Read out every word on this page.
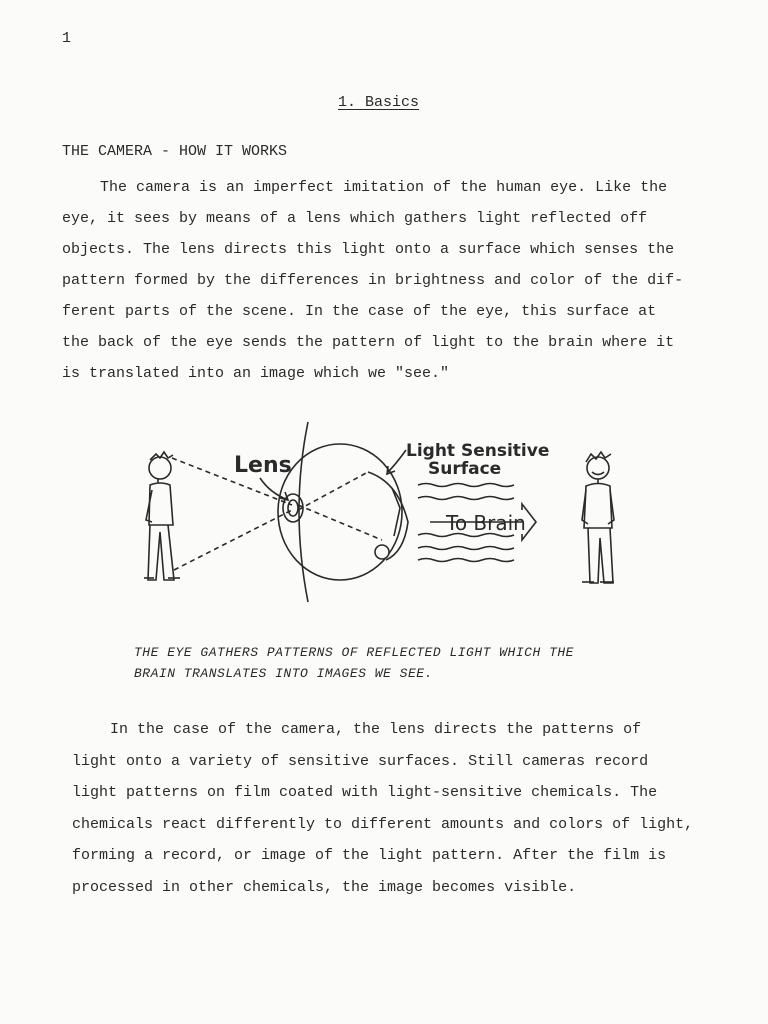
1
1. Basics
THE CAMERA - HOW IT WORKS
The camera is an imperfect imitation of the human eye. Like the
eye, it sees by means of a lens which gathers light reflected off
objects. The lens directs this light onto a surface which senses the
pattern formed by the differences in brightness and color of the dif-
ferent parts of the scene. In the case of the eye, this surface at
the back of the eye sends the pattern of light to the brain where it
is translated into an image which we "see."
Lens
Light Sensitive
Surface
To Brain
THE EYE GATHERS PATTERNS OF REFLECTED LIGHT WHICH THE
BRAIN TRANSLATES INTO IMAGES WE SEE.
In the case of the camera, the lens directs the patterns of
light onto a variety of sensitive surfaces. Still cameras record
light patterns on film coated with light-sensitive chemicals. The
chemicals react differently to different amounts and colors of light,
forming a record, or image of the light pattern. After the film is
processed in other chemicals, the image becomes visible.
